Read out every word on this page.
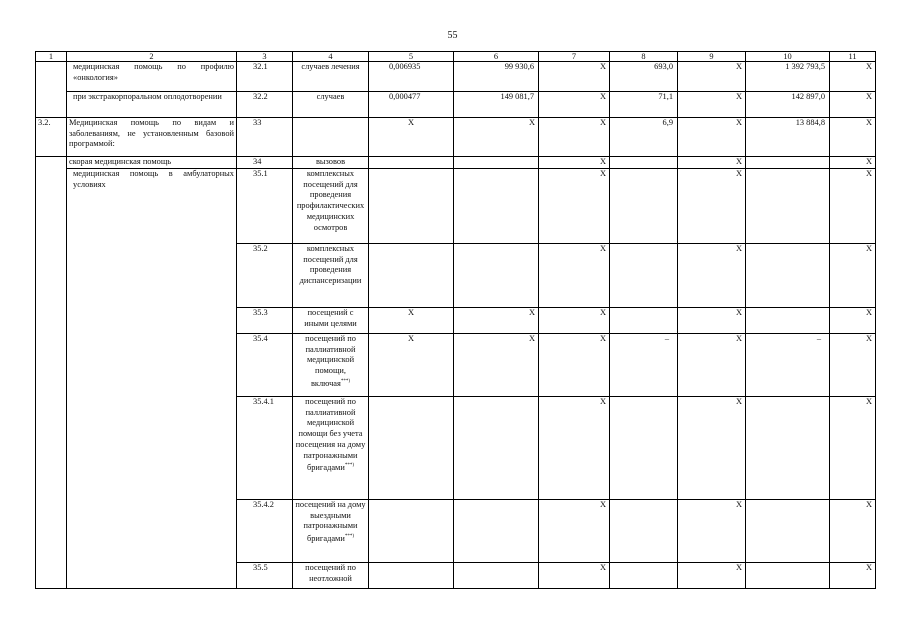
55
1	2	3	4	5	6	7	8	9	10	11
	медицинская помощь по профилю «онкология»	32.1	случаев лечения	0,006935	99 930,6	Х	693,0	Х	1 392 793,5	Х
	при экстракорпоральном оплодотворении	32.2	случаев	0,000477	149 081,7	Х	71,1	Х	142 897,0	Х
3.2.	Медицинская помощь по видам и заболеваниям, не установленным базовой программой:	33		Х	Х	Х	6,9	Х	13 884,8	Х
	скорая медицинская помощь	34	вызовов			Х		Х		Х
	медицинская помощь в амбулаторных условиях	35.1	комплексных посещений для проведения профилактических медицинских осмотров			Х		Х		Х
		35.2	комплексных посещений для проведения диспансеризации			Х		Х		Х
		35.3	посещений с иными целями	Х	Х	Х		Х		Х
		35.4	посещений по паллиативной медицинской помощи, включая***)	Х	Х	Х	–	Х	–	Х
		35.4.1	посещений по паллиативной медицинской помощи без учета посещения на дому патронажными бригадами***)			Х		Х		Х
		35.4.2	посещений на дому выездными патронажными бригадами***)			Х		Х		Х
		35.5	посещений по неотложной			Х		Х		Х
